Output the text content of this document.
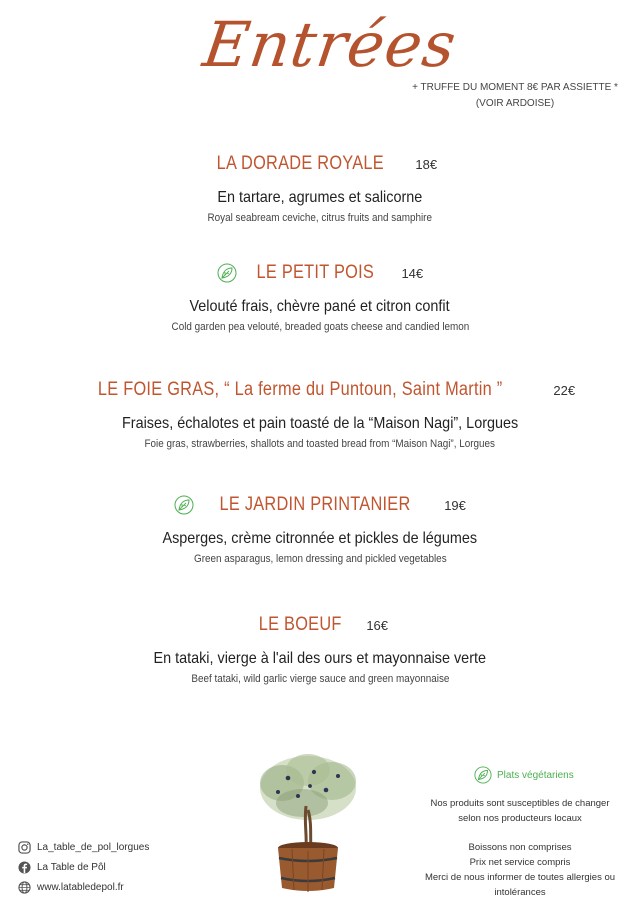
Entrées
+ TRUFFE DU MOMENT 8€ PAR ASSIETTE *
(VOIR ARDOISE)
LA DORADE ROYALE 18€
En tartare, agrumes et salicorne
Royal seabream ceviche, citrus fruits and samphire
LE PETIT POIS 14€
Velouté frais, chèvre pané et citron confit
Cold garden pea velouté, breaded goats cheese and candied lemon
LE FOIE GRAS, “ La ferme du Puntoun, Saint Martin ”	22€
Fraises, échalotes et pain toasté de la “Maison Nagi”, Lorgues
Foie gras, strawberries, shallots and toasted bread from “Maison Nagi”, Lorgues
LE JARDIN PRINTANIER	19€
Asperges, crème citronnée et pickles de légumes
Green asparagus, lemon dressing and pickled vegetables
LE BOEUF 16€
En tataki, vierge à l'ail des ours et mayonnaise verte
Beef tataki, wild garlic vierge sauce and green mayonnaise
La_table_de_pol_lorgues
La Table de Pôl
www.latabledepol.fr
Plats végétariens
Nos produits sont susceptibles de changer
selon nos producteurs locaux
Boissons non comprises
Prix net service compris
Merci de nous informer de toutes allergies ou intolérances
